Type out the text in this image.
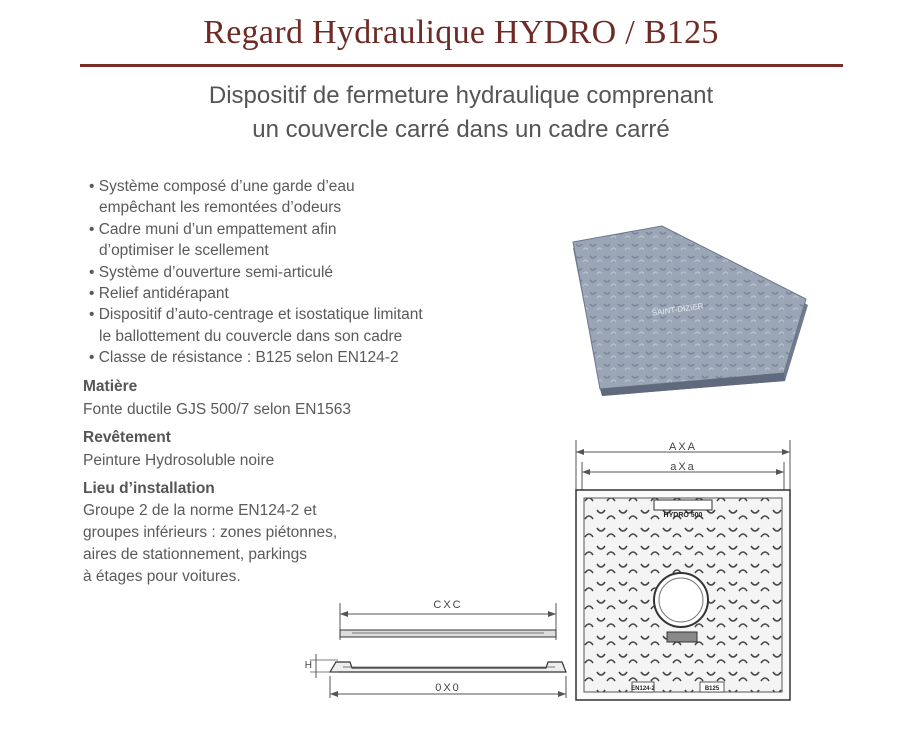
Regard Hydraulique HYDRO / B125
Dispositif de fermeture hydraulique comprenant
un couvercle carré dans un cadre carré
• Système composé d’une garde d’eau
empêchant les remontées d’odeurs
• Cadre muni d’un empattement afin
d’optimiser le scellement
• Système d’ouverture semi-articulé
• Relief antidérapant
• Dispositif d’auto-centrage et isostatique limitant
le ballottement du couvercle dans son cadre
• Classe de résistance : B125 selon EN124-2
Matière
Fonte ductile GJS 500/7 selon EN1563
Revêtement
Peinture Hydrosoluble noire
Lieu d’installation
Groupe 2 de la norme EN124-2 et
groupes inférieurs : zones piétonnes,
aires de stationnement, parkings
à étages pour voitures.
SAINT-DIZIER
AXA
aXa
HYDRO 500
EN124-2	B125
CXC
H
0X0
